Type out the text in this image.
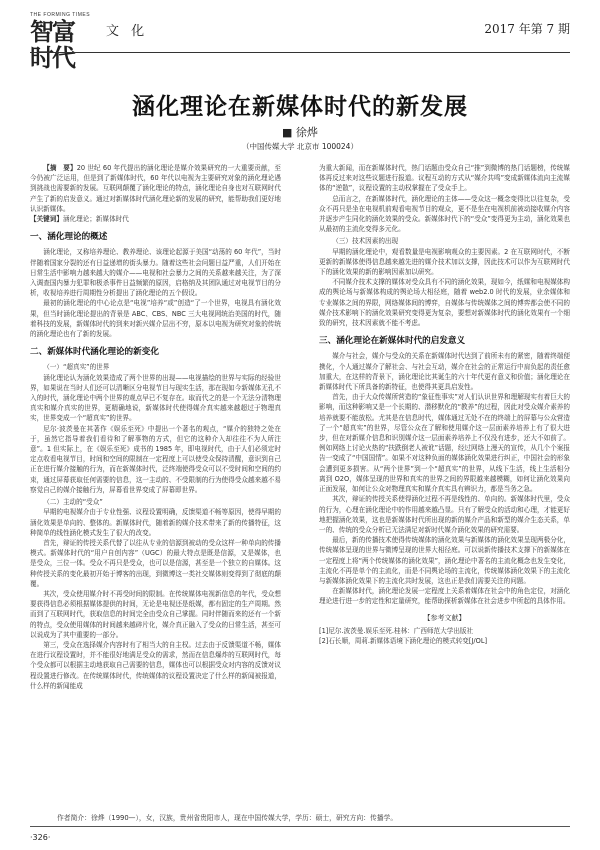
THE FORMING TIMES
智富时代
文 化	2017 年第 7 期
涵化理论在新媒体时代的新发展
■ 徐烨
（中国传媒大学 北京市 100024）

【摘　要】20 世纪 60 年代提出的涵化理论是媒介效果研究的一大重要贡献，至今仍被广泛运用，但是到了新媒体时代，60 年代以电视为主要研究对象的涵化理论遇到挑战也需要新的发展。互联网颠覆了涵化理论的特点，涵化理论自身也对互联网时代产生了新的启发意义。通过对新媒体时代涵化理论新的发展的研究，能帮助我们更好地认识新媒体。

【关键词】涵化理论；新媒体时代

一、涵化理论的概述

涵化理论，又称培养理论、教养理论、该理论起源于美国“动荡的 60 年代”，当时伴随着国家分裂的还有日益递增的街头暴力。随着这些社会问题日益严重，人们开始在日常生活中影响力越来越大的媒介——电视和社会暴力之间的关系越来越关注，为了深入调查国内暴力犯罪和极杀事件日益频繁的原因，启格纳及其团队通过对电视节目的分析，收视培养进行周期性分析提出了涵化理论的五个假设。

最初的涵化理论的中心论点是“电视”培养“或”创造“了一个世界，电视具有涵化效果，但当时涵化理论提出的背景是 ABC、CBS、NBC 三大电视网统治美国的时代，随着科技的发展，新媒体时代的到来对新兴媒介层出不穷，原本以电视为研究对象的传统的涵化理论也有了新的发展。

二、新媒体时代涵化理论的新变化
（一）“超真实”的世界

涵化理论认为涵化效果造成了两个世界的出现——电视描绘的世界与实际的经验世界，如果说在当时人们还可以清晰区分电视节目与现实生活，那在现如今新媒体无孔不入的时代，涵化理论中两个世界的观点早已不复存在。取而代之的是一个无法分清物理真实和媒介真实的世界，更精确地说，新媒体时代使得媒介真实越来越超过于物理真实，世界变成一个“超真实”的世界。

尼尔·波茨曼在其著作《娱乐至死》中提出一个著名的观点，“媒介的独特之处在于，虽然它指导着我们看待和了解事物的方式，但它的这种介入却往往不为人所注意”。1 但实际上，在《娱乐至死》成书的 1985 年，即电视时代，由于人们必须定时定点收看电视节目，时间和空间的限制在一定程度上可以使受众保持清醒，意识到自己正在进行媒介接触的行为，而在新媒体时代，泛终端使得受众可以不受时间和空间的约束，通过屏幕获取任何需要的信息，这一主动的、不受限制的行为使得受众越来越不易察觉自己的媒介接触行为，屏幕看世界变成了屏幕即世界。

（二）主动的“受众”

早期的电视媒介由于专业性强、议程设置明确，反馈渠道不畅等原因，使得早期的涵化效果是单向的、整体的。新媒体时代，随着新的媒介技术带来了新的传播特征，这种简单的线性涵化模式发生了很大的改变。

首先，辩证的传授关系代替了以往从专业的信源到被动的受众这样一种单向的传播模式。新媒体时代的“用户自创内容”（UGC）的最大特点是既是信源，又是媒体，也是受众，三位一体。受众不再只是受众，也可以是信源，甚至是一个独立的自媒体。这种传授关系的变化最初开始于博客的出现，到微博这一类社交媒体则变得到了彻底的颠覆。

其次，受众使用媒介时不再受时间的限制。在传统媒体电视新信息的年代，受众想要获得信息必须根据媒体提供的时间，无论是电视还是纸媒，都有固定的生产周期。然而到了互联网时代，获取信息的时间完全由受众自己掌握。同时伴随而来的还有一个新的特点，受众使用媒体的时间越来越碎片化，媒介真正融入了受众的日常生活，甚至可以说成为了其中重要的一部分。

第三，受众在选择媒介内容时有了相当大的自主权。过去由于反馈渠道不畅，媒体在进行议程设置时，并不能很好地满足受众的需求，然而在信息爆炸的互联网时代，每个受众都可以根据主动地获取自己需要的信息，媒体也可以根据受众对内容的反馈对议程设置进行修改。在传统媒体时代，传统媒体的议程设置决定了什么样的新闻被报道，什么样的新闻能成

为重大新闻，而在新媒体时代，热门话题由受众自己“推”到微博的热门话题榜，传统媒体再反过来对这些议题进行报道。议程互动的方式从“媒介共鸣”变成新媒体流向主流媒体的“逆散”，议程设置的主动权掌握在了受众手上。

总而言之，在新媒体时代，涵化理论的主体——受众这一概念变得比以往复杂，受众不再只是坐在电视机前观看电视节目的观众，更不是坐在电视机前被动接收媒介内容并逐步产生同化的涵化效果的受众。新媒体时代下的“受众”变得更为主动，涵化效果也从最初的主流化变得多元化。

（三）技术因素的出现

早期的涵化理论中，观看数量是电视影响观众的主要因素。2 在互联网时代，不断更新的新媒体使得信息越来越先进的媒介技术加以支撑，因此技术可以作为互联网时代下的涵化效果的新的影响因素加以研究。

不同媒介技术支撑的媒体对受众具有不同的涵化效果，现如今，纸媒和电视媒体构成的舆论场与新媒体构成的舆论场大相径庭，随着 web2.0 时代的发展，业余媒体和专业媒体之间的界限，网络媒体间的博弈，自媒体与传统媒体之间的博弈都会使不同的媒介技术影响下的涵化效果研究变得更为复杂，要想对新媒体时代的涵化效果有一个细致的研究，技术因素就不能不考虑。

三、涵化理论在新媒体时代的启发意义

媒介与社会，媒介与受众的关系在新媒体时代达到了前所未有的紧密，随着终端便携化，个人通过媒介了解社会、与社会互动，媒介在社会的正常运行中肩负起的责任愈加重大，在这样的背景下，涵化理论比其诞生的六十年代更有意义和价值；涵化理论在新媒体时代下所具备的新特征，也使得其更具启发性。

首先，由于大众传媒所营造的“象征性事实”对人们认识世界和理解现实有着巨大的影响，而这种影响又是一个长期的、潜移默化的“教养”的过程，因此对受众媒介素养的培养就要不能放松。尤其是在信息时代，媒体通过无处不在的终端上的屏幕与公众营造了一个“超真实”的世界，尽管公众在了解和使用媒介这一层面素养培养上有了很大进步，但在对新媒介信息和识别媒介这一层面素养培养上不仅没有进步，还大不如前了。例如网络上讨论火热的“扶跌倒老人被讹”话题，经过网络上漫天的宣传，从几个个案报告一变成了“中国国情”。如果不对这种负面的媒体涵化效果进行纠正，中国社会的形象会遭到更多损害。从“两个世界”到一个“超真实”的世界，从线下生活，线上生活相分离到 O2O，媒体呈现的世界和真实的世界之间的界限越来越模糊，如何让涵化效果向正面发展，如何让公众对物理真实和媒介真实具有辨识力，都是当务之急。

其次，辩证的传授关系使得涵化过程不再是线性的、单向的。新媒体时代里，受众的行为，心理在涵化理论中的作用越来越凸显。只有了解受众的活动和心理，才能更好地把握涵化效果，这也是新媒体时代所出现的新的媒介产品和新型的媒介生态关系，单一的、传统的受众分析已无法满足对新时代媒介涵化效果的研究需要。

最后，新的传播技术使得传统媒体的涵化效果与新媒体的涵化效果呈现两极分化，传统媒体呈现的世界与微博呈现的世界大相径庭。可以说新传播技术支撑下的新媒体在一定程度上将“两个传统媒体的涵化效果”，涵化理论中著名的主流化概念也发生变化，主流化不再是单个的主流化，而是不同舆论场的主流化，传统媒体涵化效果下的主流化与新媒体涵化效果下的主流化共时发展，这也正是我们需要关注的问题。

在新媒体时代，涵化理论发展一定程度上关系着媒体在社会中的角色定位，对涵化理论进行进一步的定性和定量研究，能帮助探析新媒体在社会进步中所起的具体作用。

【参考文献】

[1]尼尔.波茨曼.娱乐至死.桂林：广西师范大学出版社

[2]石长顺，周莉.新媒体语境下涵化理论的模式转变[J/OL]

作者简介：徐烨（1990—），女，汉族，贵州省贵阳市人，现在中国传媒大学，学历：硕士，研究方向：传播学。
·326·
